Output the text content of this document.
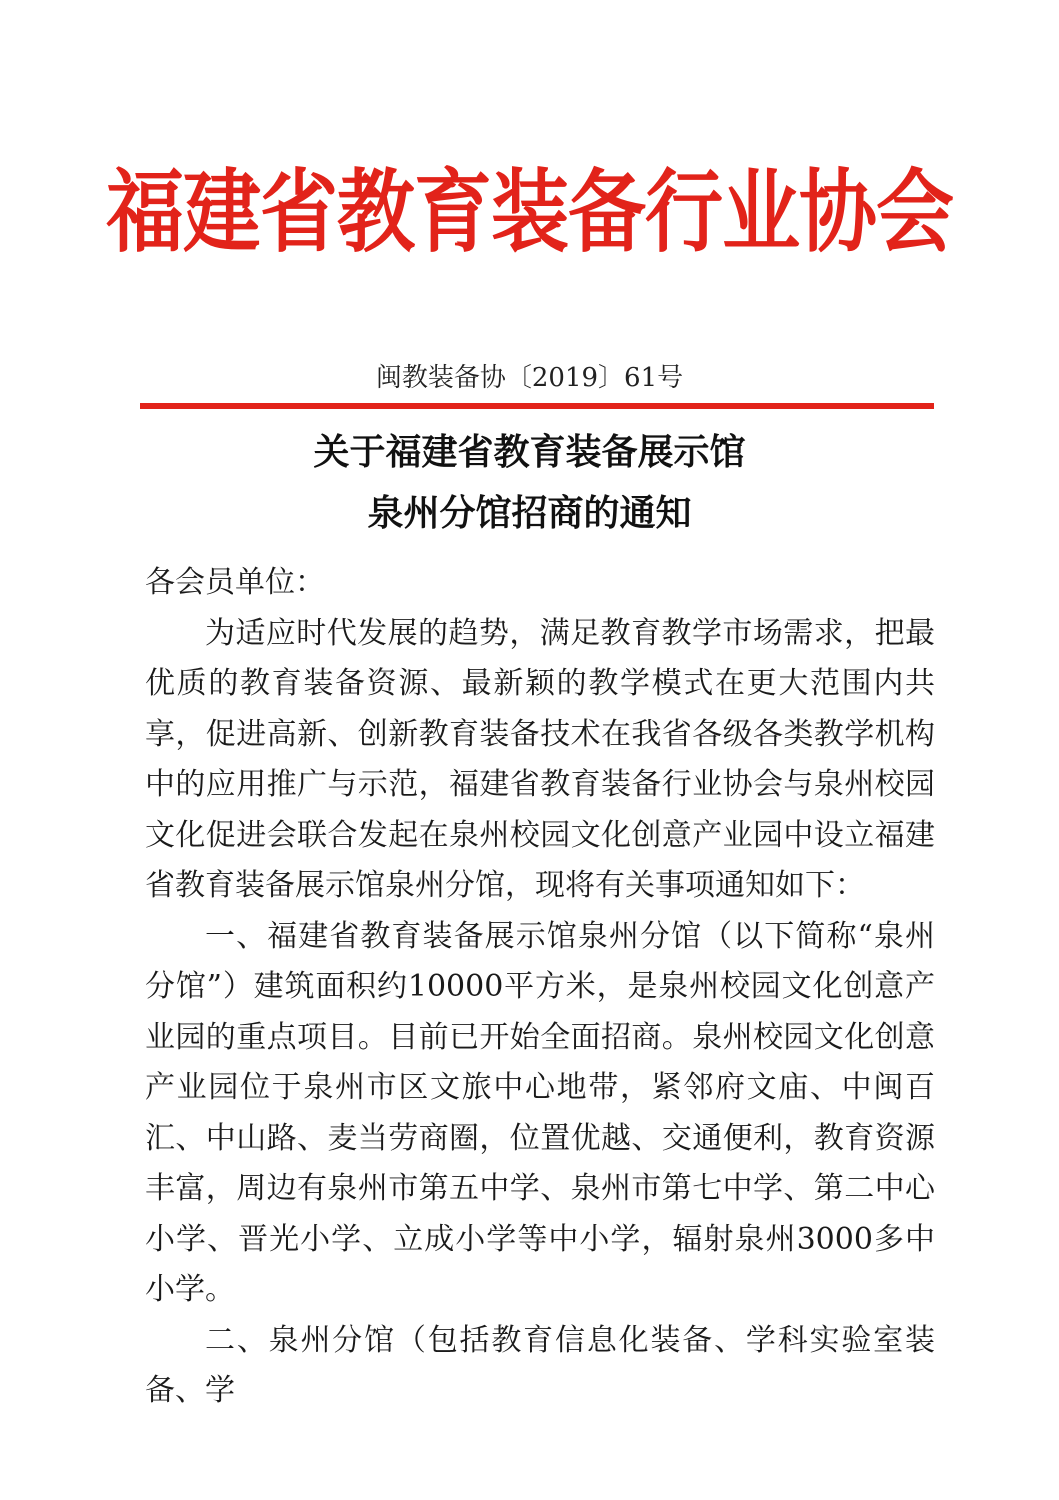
福建省教育装备行业协会
闽教装备协〔2019〕61号
关于福建省教育装备展示馆
泉州分馆招商的通知

各会员单位：

为适应时代发展的趋势，满足教育教学市场需求，把最优质的教育装备资源、最新颖的教学模式在更大范围内共享，促进高新、创新教育装备技术在我省各级各类教学机构中的应用推广与示范，福建省教育装备行业协会与泉州校园文化促进会联合发起在泉州校园文化创意产业园中设立福建省教育装备展示馆泉州分馆，现将有关事项通知如下：

一、福建省教育装备展示馆泉州分馆（以下简称“泉州分馆”）建筑面积约10000平方米，是泉州校园文化创意产业园的重点项目。目前已开始全面招商。泉州校园文化创意产业园位于泉州市区文旅中心地带，紧邻府文庙、中闽百汇、中山路、麦当劳商圈，位置优越、交通便利，教育资源丰富，周边有泉州市第五中学、泉州市第七中学、第二中心小学、晋光小学、立成小学等中小学，辐射泉州3000多中小学。

二、泉州分馆（包括教育信息化装备、学科实验室装备、学
